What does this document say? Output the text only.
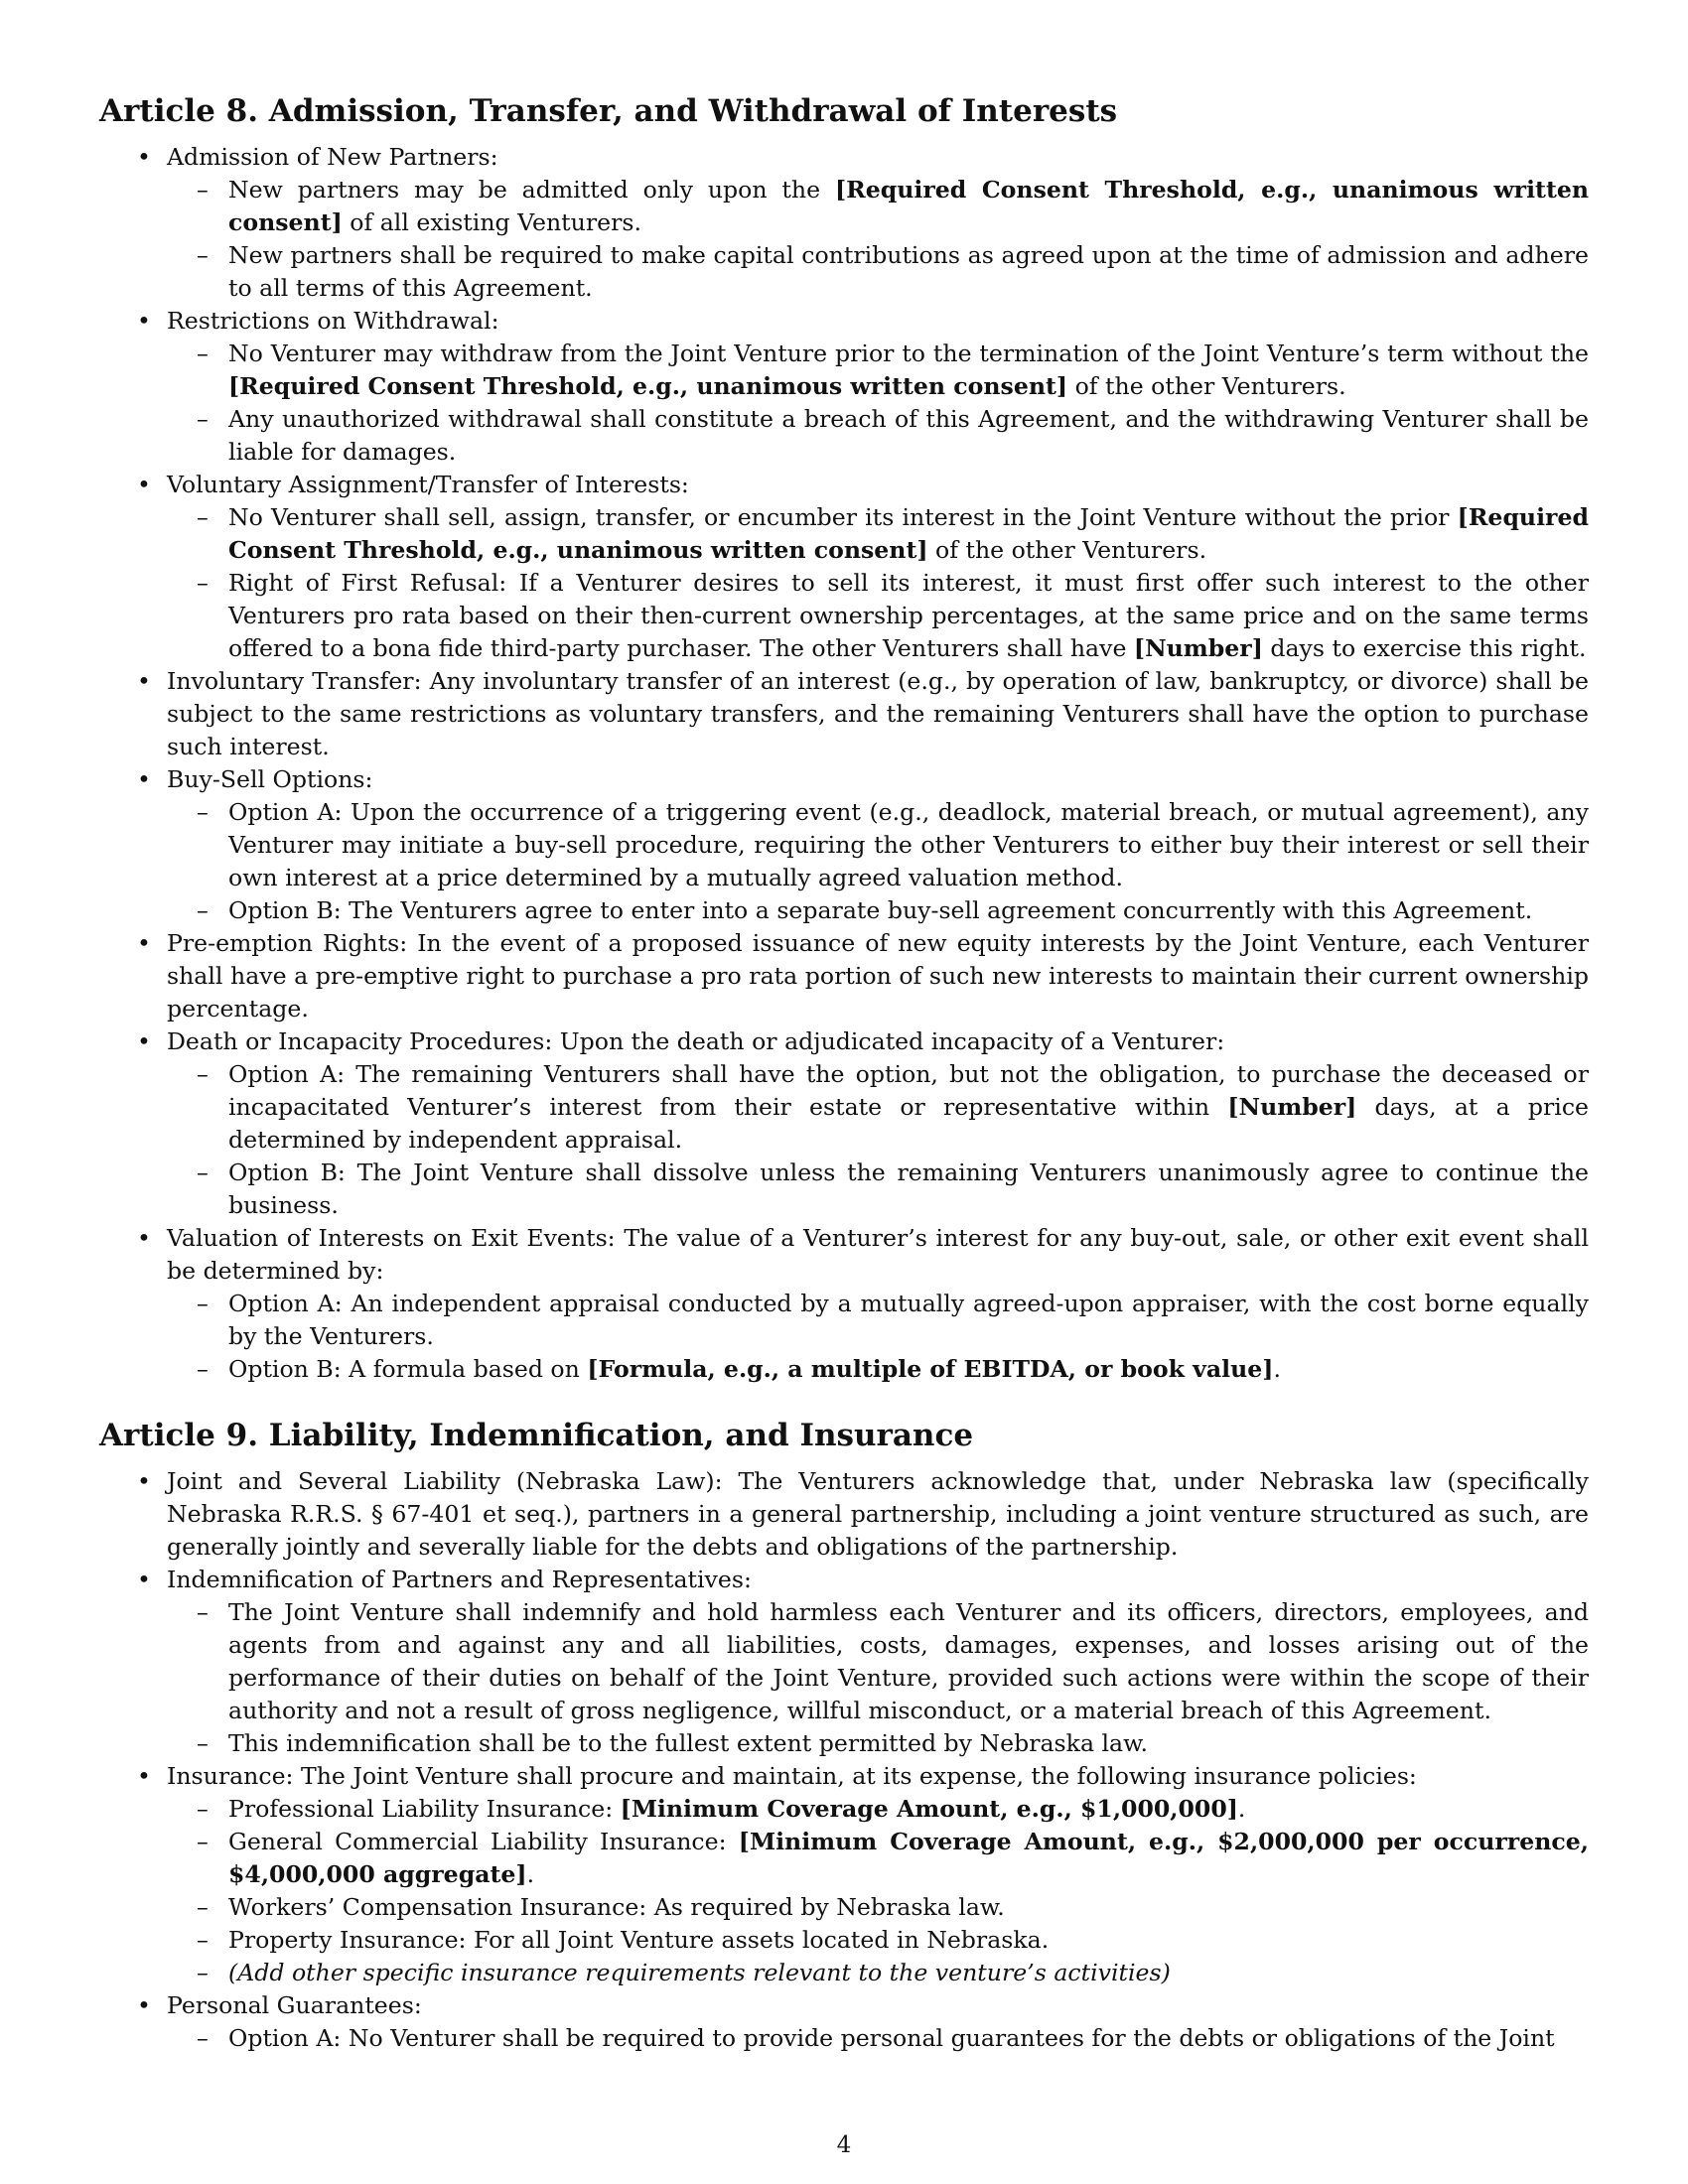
Article 8. Admission, Transfer, and Withdrawal of Interests
• Admission of New Partners:
– New partners may be admitted only upon the [Required Consent Threshold, e.g., unanimous written consent] of all existing Venturers.
– New partners shall be required to make capital contributions as agreed upon at the time of admission and adhere to all terms of this Agreement.
• Restrictions on Withdrawal:
– No Venturer may withdraw from the Joint Venture prior to the termination of the Joint Venture’s term without the [Required Consent Threshold, e.g., unanimous written consent] of the other Venturers.
– Any unauthorized withdrawal shall constitute a breach of this Agreement, and the withdrawing Venturer shall be liable for damages.
• Voluntary Assignment/Transfer of Interests:
– No Venturer shall sell, assign, transfer, or encumber its interest in the Joint Venture without the prior [Required Consent Threshold, e.g., unanimous written consent] of the other Venturers.
– Right of First Refusal: If a Venturer desires to sell its interest, it must first offer such interest to the other Venturers pro rata based on their then-current ownership percentages, at the same price and on the same terms offered to a bona fide third-party purchaser. The other Venturers shall have [Number] days to exercise this right.
• Involuntary Transfer: Any involuntary transfer of an interest (e.g., by operation of law, bankruptcy, or divorce) shall be subject to the same restrictions as voluntary transfers, and the remaining Venturers shall have the option to purchase such interest.
• Buy-Sell Options:
– Option A: Upon the occurrence of a triggering event (e.g., deadlock, material breach, or mutual agreement), any Venturer may initiate a buy-sell procedure, requiring the other Venturers to either buy their interest or sell their own interest at a price determined by a mutually agreed valuation method.
– Option B: The Venturers agree to enter into a separate buy-sell agreement concurrently with this Agreement.
• Pre-emption Rights: In the event of a proposed issuance of new equity interests by the Joint Venture, each Venturer shall have a pre-emptive right to purchase a pro rata portion of such new interests to maintain their current ownership percentage.
• Death or Incapacity Procedures: Upon the death or adjudicated incapacity of a Venturer:
– Option A: The remaining Venturers shall have the option, but not the obligation, to purchase the deceased or incapacitated Venturer’s interest from their estate or representative within [Number] days, at a price determined by independent appraisal.
– Option B: The Joint Venture shall dissolve unless the remaining Venturers unanimously agree to continue the business.
• Valuation of Interests on Exit Events: The value of a Venturer’s interest for any buy-out, sale, or other exit event shall be determined by:
– Option A: An independent appraisal conducted by a mutually agreed-upon appraiser, with the cost borne equally by the Venturers.
– Option B: A formula based on [Formula, e.g., a multiple of EBITDA, or book value].
Article 9. Liability, Indemnification, and Insurance
• Joint and Several Liability (Nebraska Law): The Venturers acknowledge that, under Nebraska law (specifically Nebraska R.R.S. § 67-401 et seq.), partners in a general partnership, including a joint venture structured as such, are generally jointly and severally liable for the debts and obligations of the partnership.
• Indemnification of Partners and Representatives:
– The Joint Venture shall indemnify and hold harmless each Venturer and its officers, directors, employees, and agents from and against any and all liabilities, costs, damages, expenses, and losses arising out of the performance of their duties on behalf of the Joint Venture, provided such actions were within the scope of their authority and not a result of gross negligence, willful misconduct, or a material breach of this Agreement.
– This indemnification shall be to the fullest extent permitted by Nebraska law.
• Insurance: The Joint Venture shall procure and maintain, at its expense, the following insurance policies:
– Professional Liability Insurance: [Minimum Coverage Amount, e.g., $1,000,000].
– General Commercial Liability Insurance: [Minimum Coverage Amount, e.g., $2,000,000 per occurrence, $4,000,000 aggregate].
– Workers’ Compensation Insurance: As required by Nebraska law.
– Property Insurance: For all Joint Venture assets located in Nebraska.
– (Add other specific insurance requirements relevant to the venture’s activities)
• Personal Guarantees:
– Option A: No Venturer shall be required to provide personal guarantees for the debts or obligations of the Joint
4
